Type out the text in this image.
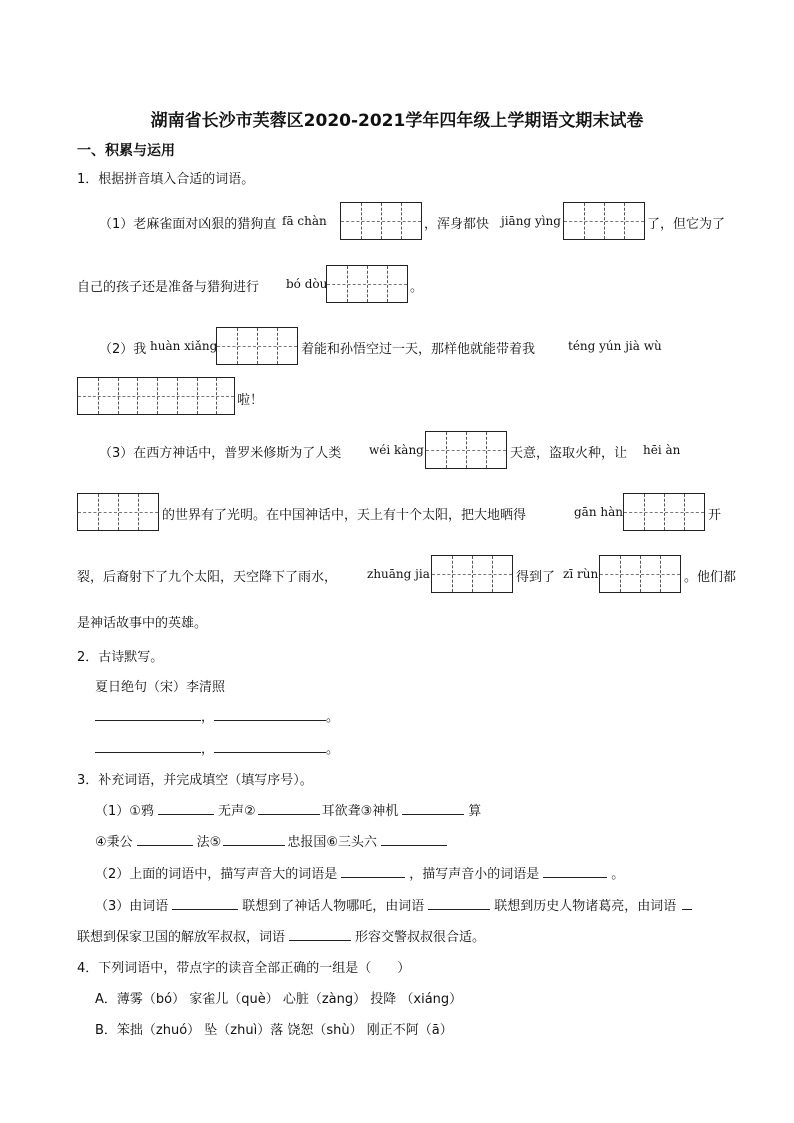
湖南省长沙市芙蓉区2020-2021学年四年级上学期语文期末试卷
一、积累与运用
1．根据拼音填入合适的词语。
（1）老麻雀面对凶狠的猎狗直 fā chàn	，浑身都快 jiāng yìng	了，但它为了
自己的孩子还是准备与猎狗进行 bó dòu	。
（2）我 huàn xiǎng	着能和孙悟空过一天，那样他就能带着我	téng yún jià wù
啦！
（3）在西方神话中，普罗米修斯为了人类 wéi kàng	天意，盗取火种，让 hēi àn
的世界有了光明。在中国神话中，天上有十个太阳，把大地晒得	gān hàn	开
裂，后裔射下了九个太阳，天空降下了雨水， zhuāng jia	得到了 zī rùn	。他们都
是神话故事中的英雄。
2．古诗默写。
夏日绝句（宋）李清照
，	。
，	。
3．补充词语，并完成填空（填写序号）。
（1）①鸦	无声②	耳欲聋③神机	算
④秉公	法⑤	忠报国⑥三头六
（2）上面的词语中，描写声音大的词语是	，描写声音小的词语是	。
（3）由词语	联想到了神话人物哪吒，由词语	联想到历史人物诸葛亮，由词语
联想到保家卫国的解放军叔叔，词语	形容交警叔叔很合适。
4．下列词语中，带点字的读音全部正确的一组是（　　）
A．薄雾（bó） 家雀儿（què） 心脏（zàng） 投降 （xiáng）
B．笨拙（zhuó） 坠（zhuì）落 饶恕（shù） 刚正不阿（ā）
